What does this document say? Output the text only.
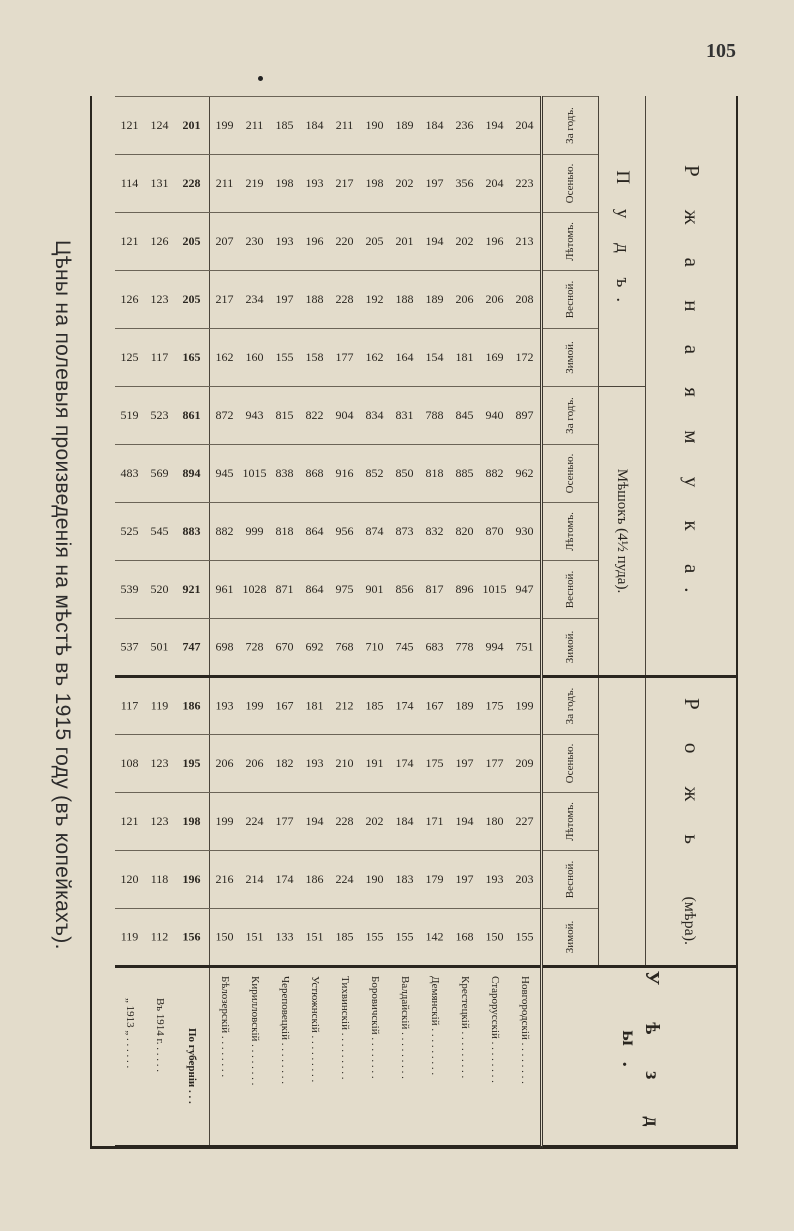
105
Цѣны на полевыя произведенія на мѣстѣ въ 1915 году (въ копейкахъ).
У ѣ з д ы.	Р о ж ь  (мѣра).					Р ж а н а я м у к а.									

						Мѣшокъ (4½ пуда).					П у д ъ.				

	Зимой.	Весной.	Лѣтомъ.	Осенью.	За годъ.	Зимой.	Весной.	Лѣтомъ.	Осенью.	За годъ.	Зимой.	Весной.	Лѣтомъ.	Осенью.	За годъ.

Новгородскій . . . . . . . .	155	203	227	209	199	751	947	930	962	897	172	208	213	223	204

Старорусскій . . . . . . . .	150	193	180	177	175	994	1015	870	882	940	169	206	196	204	194

Крестецкій . . . . . . . . .	168	197	194	197	189	778	896	820	885	845	181	206	202	356	236

Демянскій . . . . . . . . .	142	179	171	175	167	683	817	832	818	788	154	189	194	197	184

Валдайскій . . . . . . . . .	155	183	184	174	174	745	856	873	850	831	164	188	201	202	189

Боровичскій . . . . . . . .	155	190	202	191	185	710	901	874	852	834	162	192	205	198	190

Тихвинскій . . . . . . . . .	185	224	228	210	212	768	975	956	916	904	177	228	220	217	211

Устюжнскій . . . . . . . . .	151	186	194	193	181	692	864	864	868	822	158	188	196	193	184

Череповецкій . . . . . . . .	133	174	177	182	167	670	871	818	838	815	155	197	193	198	185

Кирилловскій . . . . . . . .	151	214	224	206	199	728	1028	999	1015	943	160	234	230	219	211

Бѣлозерскій . . . . . . . .	150	216	199	206	193	698	961	882	945	872	162	217	207	211	199

По губерніи . . .	156	196	198	195	186	747	921	883	894	861	165	205	205	228	201

Въ 1914 г. . . . . .	112	118	123	123	119	501	520	545	569	523	117	123	126	131	124

„ 1913 „ . . . . . .	119	120	121	108	117	537	539	525	483	519	125	126	121	114	121
